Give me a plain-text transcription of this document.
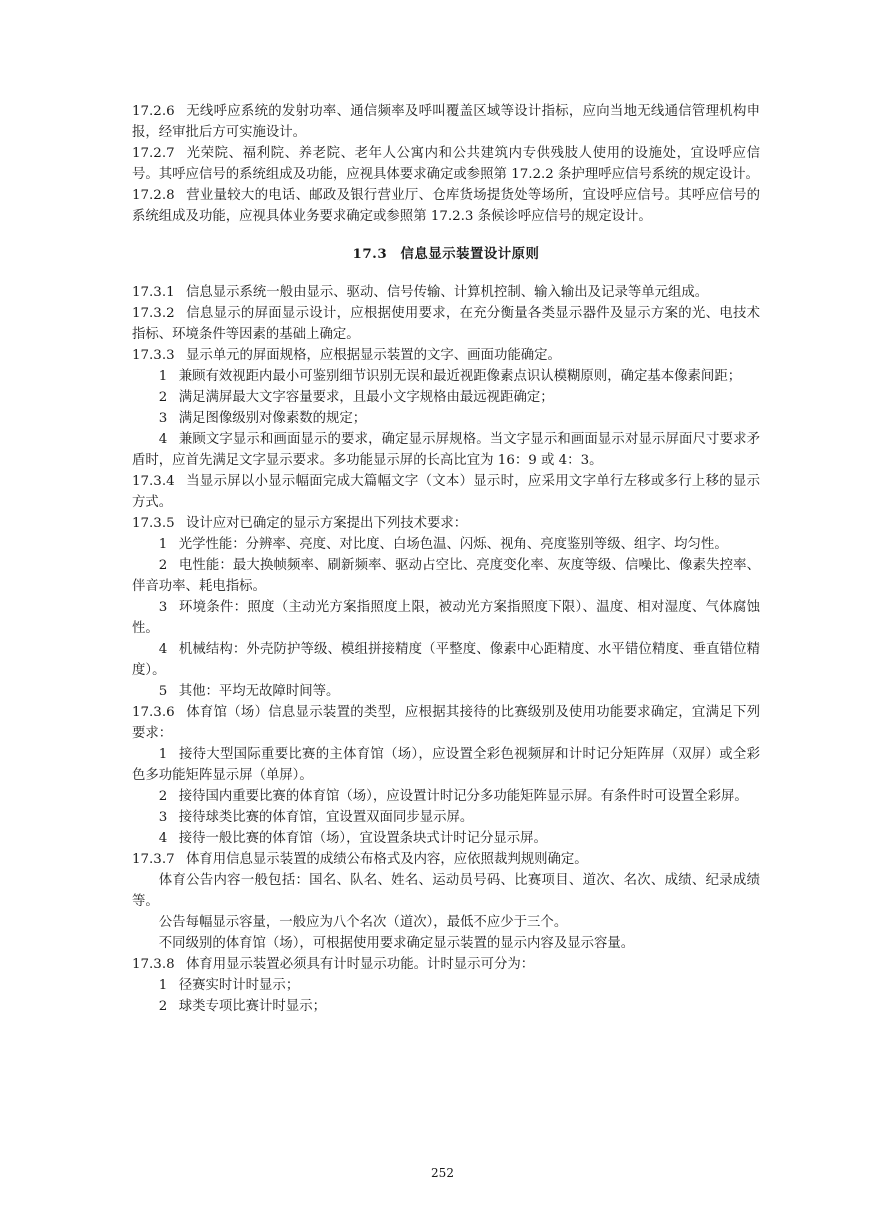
17.2.6 无线呼应系统的发射功率、通信频率及呼叫覆盖区域等设计指标，应向当地无线通信管理机构申报，经审批后方可实施设计。

17.2.7 光荣院、福利院、养老院、老年人公寓内和公共建筑内专供残肢人使用的设施处，宜设呼应信号。其呼应信号的系统组成及功能，应视具体要求确定或参照第 17.2.2 条护理呼应信号系统的规定设计。

17.2.8 营业量较大的电话、邮政及银行营业厅、仓库货场提货处等场所，宜设呼应信号。其呼应信号的系统组成及功能，应视具体业务要求确定或参照第 17.2.3 条候诊呼应信号的规定设计。

17.3 信息显示装置设计原则

17.3.1 信息显示系统一般由显示、驱动、信号传输、计算机控制、输入输出及记录等单元组成。

17.3.2 信息显示的屏面显示设计，应根据使用要求，在充分衡量各类显示器件及显示方案的光、电技术指标、环境条件等因素的基础上确定。

17.3.3 显示单元的屏面规格，应根据显示装置的文字、画面功能确定。

1 兼顾有效视距内最小可鉴别细节识别无误和最近视距像素点识认模糊原则，确定基本像素间距；

2 满足满屏最大文字容量要求，且最小文字规格由最远视距确定；

3 满足图像级别对像素数的规定；

4 兼顾文字显示和画面显示的要求，确定显示屏规格。当文字显示和画面显示对显示屏面尺寸要求矛盾时，应首先满足文字显示要求。多功能显示屏的长高比宜为 16：9 或 4：3。

17.3.4 当显示屏以小显示幅面完成大篇幅文字（文本）显示时，应采用文字单行左移或多行上移的显示方式。

17.3.5 设计应对已确定的显示方案提出下列技术要求：

1 光学性能：分辨率、亮度、对比度、白场色温、闪烁、视角、亮度鉴别等级、组字、均匀性。

2 电性能：最大换帧频率、刷新频率、驱动占空比、亮度变化率、灰度等级、信噪比、像素失控率、伴音功率、耗电指标。

3 环境条件：照度（主动光方案指照度上限，被动光方案指照度下限）、温度、相对湿度、气体腐蚀性。

4 机械结构：外壳防护等级、模组拼接精度（平整度、像素中心距精度、水平错位精度、垂直错位精度）。

5 其他：平均无故障时间等。

17.3.6 体育馆（场）信息显示装置的类型，应根据其接待的比赛级别及使用功能要求确定，宜满足下列要求：

1 接待大型国际重要比赛的主体育馆（场），应设置全彩色视频屏和计时记分矩阵屏（双屏）或全彩色多功能矩阵显示屏（单屏）。

2 接待国内重要比赛的体育馆（场），应设置计时记分多功能矩阵显示屏。有条件时可设置全彩屏。

3 接待球类比赛的体育馆，宜设置双面同步显示屏。

4 接待一般比赛的体育馆（场），宜设置条块式计时记分显示屏。

17.3.7 体育用信息显示装置的成绩公布格式及内容，应依照裁判规则确定。

体育公告内容一般包括：国名、队名、姓名、运动员号码、比赛项目、道次、名次、成绩、纪录成绩等。

公告每幅显示容量，一般应为八个名次（道次），最低不应少于三个。

不同级别的体育馆（场），可根据使用要求确定显示装置的显示内容及显示容量。

17.3.8 体育用显示装置必须具有计时显示功能。计时显示可分为：

1 径赛实时计时显示；

2 球类专项比赛计时显示；

252
